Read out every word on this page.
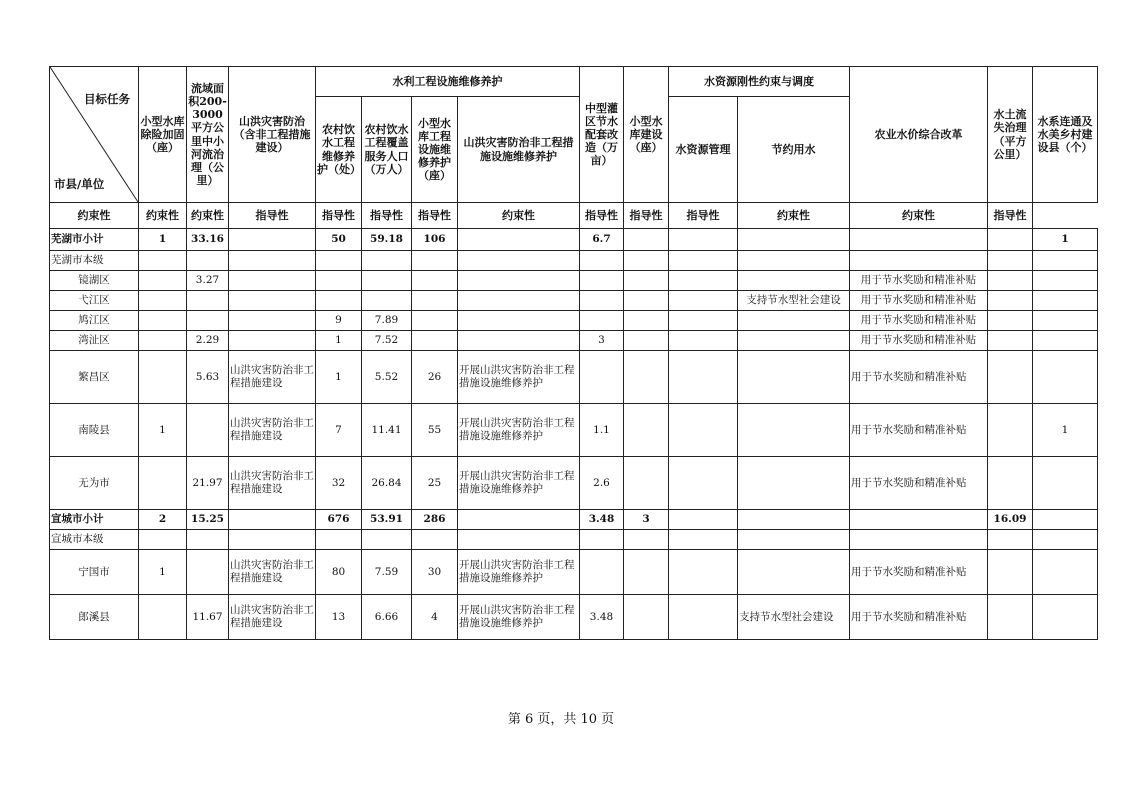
目标任务
市县/单位	小型水库除险加固（座）	流域面积200-3000平方公里中小河流治理（公里）	山洪灾害防治（含非工程措施建设）	水利工程设施维修养护				中型灌区节水配套改造（万亩）	小型水库建设（座）	水资源刚性约束与调度		农业水价综合改革	水土流失治理（平方公里）	水系连通及水美乡村建设县（个）
				农村饮水工程维修养护（处）	农村饮水工程覆盖服务人口（万人）	小型水库工程设施维修养护（座）	山洪灾害防治非工程措施设施维修养护			水资源管理	节约用水			
约束性	约束性	约束性	指导性	指导性	指导性	指导性	约束性	指导性	指导性	指导性	约束性	约束性	指导性	
芜湖市小计	1	33.16		50	59.18	106		6.7						1
芜湖市本级														
镜湖区		3.27										用于节水奖励和精准补贴		
弋江区											支持节水型社会建设	用于节水奖励和精准补贴		
鸠江区				9	7.89							用于节水奖励和精准补贴		
湾沚区		2.29		1	7.52			3				用于节水奖励和精准补贴		
繁昌区		5.63	山洪灾害防治非工程措施建设	1	5.52	26	开展山洪灾害防治非工程措施设施维修养护					用于节水奖励和精准补贴		
南陵县	1		山洪灾害防治非工程措施建设	7	11.41	55	开展山洪灾害防治非工程措施设施维修养护	1.1				用于节水奖励和精准补贴		1
无为市		21.97	山洪灾害防治非工程措施建设	32	26.84	25	开展山洪灾害防治非工程措施设施维修养护	2.6				用于节水奖励和精准补贴		
宣城市小计	2	15.25		676	53.91	286		3.48	3				16.09	
宣城市本级														
宁国市	1		山洪灾害防治非工程措施建设	80	7.59	30	开展山洪灾害防治非工程措施设施维修养护					用于节水奖励和精准补贴		
郎溪县		11.67	山洪灾害防治非工程措施建设	13	6.66	4	开展山洪灾害防治非工程措施设施维修养护	3.48			支持节水型社会建设	用于节水奖励和精准补贴		
第 6 页，共 10 页
